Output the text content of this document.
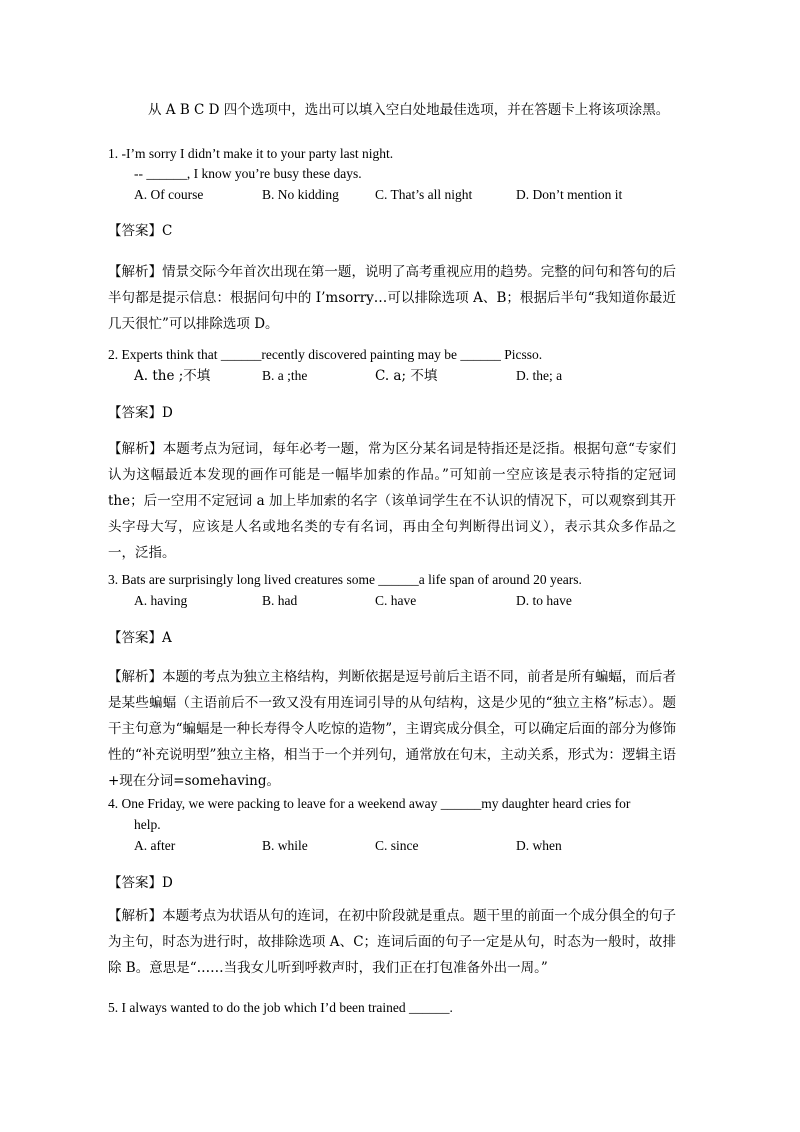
从 A B C D 四个选项中，选出可以填入空白处地最佳选项，并在答题卡上将该项涂黑。
1. -I’m sorry I didn’t make it to your party last night.
-- ______, I know you’re busy these days.
A. Of course	B. No kidding	C. That’s all night	D. Don’t mention it
【答案】C
【解析】情景交际今年首次出现在第一题，说明了高考重视应用的趋势。完整的问句和答句的后半句都是提示信息：根据问句中的 I’msorry…可以排除选项 A、B；根据后半句“我知道你最近几天很忙”可以排除选项 D。
2. Experts think that ______recently discovered painting may be ______ Picsso.
A. the ;不填	B. a ;the	C. a; 不填	D. the; a
【答案】D
【解析】本题考点为冠词，每年必考一题，常为区分某名词是特指还是泛指。根据句意“专家们认为这幅最近本发现的画作可能是一幅毕加索的作品。”可知前一空应该是表示特指的定冠词 the；后一空用不定冠词 a 加上毕加索的名字（该单词学生在不认识的情况下，可以观察到其开头字母大写，应该是人名或地名类的专有名词，再由全句判断得出词义），表示其众多作品之一，泛指。
3. Bats are surprisingly long lived creatures some ______a life span of around 20 years.
A. having	B. had	C. have	D. to have
【答案】A
【解析】本题的考点为独立主格结构，判断依据是逗号前后主语不同，前者是所有蝙蝠，而后者是某些蝙蝠（主语前后不一致又没有用连词引导的从句结构，这是少见的“独立主格”标志）。题干主句意为“蝙蝠是一种长寿得令人吃惊的造物”，主谓宾成分俱全，可以确定后面的部分为修饰性的“补充说明型”独立主格，相当于一个并列句，通常放在句末，主动关系，形式为：逻辑主语+现在分词=somehaving。
4. One Friday, we were packing to leave for a weekend away ______my daughter heard cries for
help.
A. after	B. while	C. since	D. when
【答案】D
【解析】本题考点为状语从句的连词，在初中阶段就是重点。题干里的前面一个成分俱全的句子为主句，时态为进行时，故排除选项 A、C；连词后面的句子一定是从句，时态为一般时，故排除 B。意思是“……当我女儿听到呼救声时，我们正在打包准备外出一周。”
5. I always wanted to do the job which I’d been trained ______.
